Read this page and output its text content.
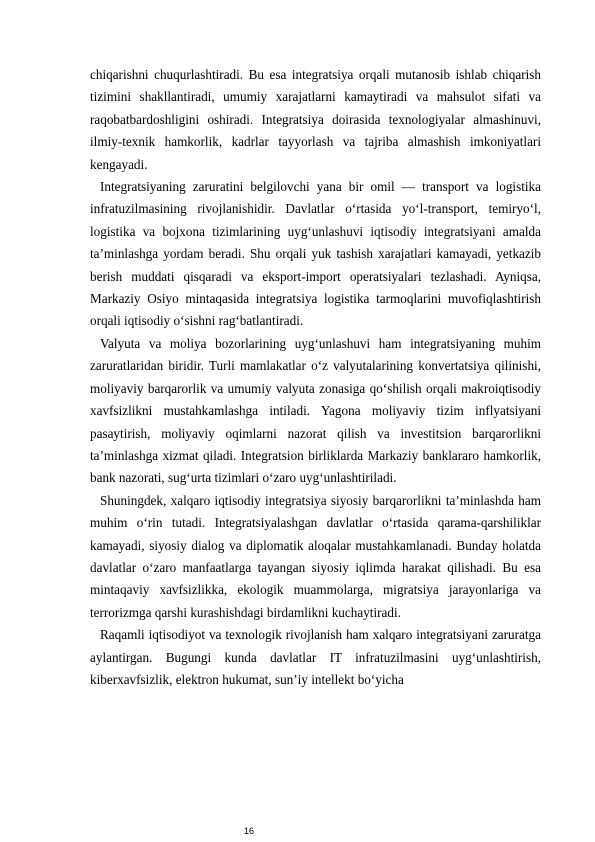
chiqarishni chuqurlashtiradi. Bu esa integratsiya orqali mutanosib ishlab chiqarish tizimini shakllantiradi, umumiy xarajatlarni kamaytiradi va mahsulot sifati va raqobatbardoshligini oshiradi. Integratsiya doirasida texnologiyalar almashinuvi, ilmiy-texnik hamkorlik, kadrlar tayyorlash va tajriba almashish imkoniyatlari kengayadi.

Integratsiyaning zaruratini belgilovchi yana bir omil — transport va logistika infratuzilmasining rivojlanishidir. Davlatlar o‘rtasida yo‘l-transport, temiryo‘l, logistika va bojxona tizimlarining uyg‘unlashuvi iqtisodiy integratsiyani amalda ta’minlashga yordam beradi. Shu orqali yuk tashish xarajatlari kamayadi, yetkazib berish muddati qisqaradi va eksport-import operatsiyalari tezlashadi. Ayniqsa, Markaziy Osiyo mintaqasida integratsiya logistika tarmoqlarini muvofiqlashtirish orqali iqtisodiy o‘sishni rag‘batlantiradi.

Valyuta va moliya bozorlarining uyg‘unlashuvi ham integratsiyaning muhim zaruratlaridan biridir. Turli mamlakatlar o‘z valyutalarining konvertatsiya qilinishi, moliyaviy barqarorlik va umumiy valyuta zonasiga qo‘shilish orqali makroiqtisodiy xavfsizlikni mustahkamlashga intiladi. Yagona moliyaviy tizim inflyatsiyani pasaytirish, moliyaviy oqimlarni nazorat qilish va investitsion barqarorlikni ta’minlashga xizmat qiladi. Integratsion birliklarda Markaziy banklararo hamkorlik, bank nazorati, sug‘urta tizimlari o‘zaro uyg‘unlashtiriladi.

Shuningdek, xalqaro iqtisodiy integratsiya siyosiy barqarorlikni ta’minlashda ham muhim o‘rin tutadi. Integratsiyalashgan davlatlar o‘rtasida qarama-qarshiliklar kamayadi, siyosiy dialog va diplomatik aloqalar mustahkamlanadi. Bunday holatda davlatlar o‘zaro manfaatlarga tayangan siyosiy iqlimda harakat qilishadi. Bu esa mintaqaviy xavfsizlikka, ekologik muammolarga, migratsiya jarayonlariga va terrorizmga qarshi kurashishdagi birdamlikni kuchaytiradi.

Raqamli iqtisodiyot va texnologik rivojlanish ham xalqaro integratsiyani zaruratga aylantirgan. Bugungi kunda davlatlar IT infratuzilmasini uyg‘unlashtirish, kiberxavfsizlik, elektron hukumat, sun’iy intellekt bo‘yicha

16
